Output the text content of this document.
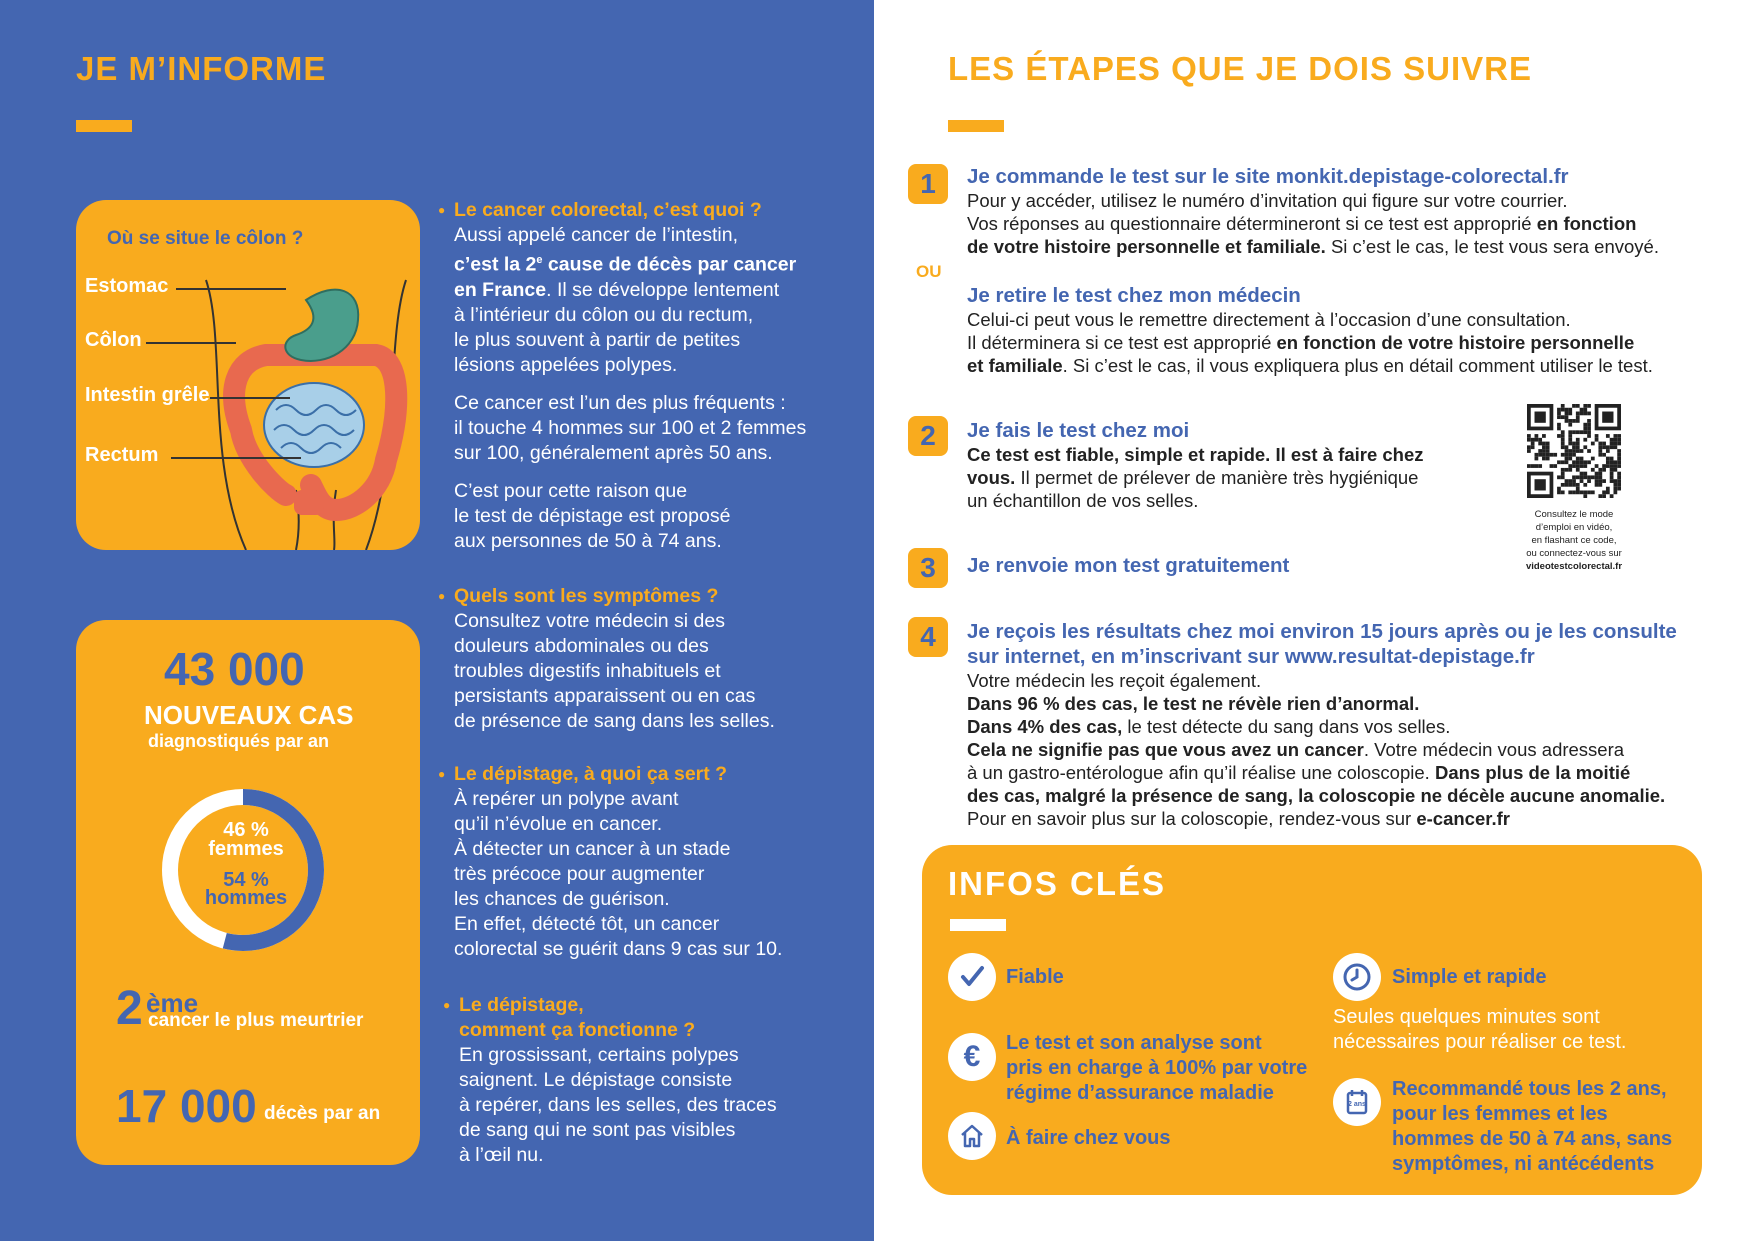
JE M’INFORME
Où se situe le côlon ?
Estomac
Côlon
Intestin grêle
Rectum
43 000
NOUVEAUX CAS
diagnostiqués par an
46 %
femmes
54 %
hommes
2 ème
cancer le plus meurtrier
17 000 décès par an

● Le cancer colorectal, c’est quoi ?

Aussi appelé cancer de l’intestin,

c’est la 2e cause de décès par cancer

en France. Il se développe lentement

à l’intérieur du côlon ou du rectum,

le plus souvent à partir de petites

lésions appelées polypes.

Ce cancer est l’un des plus fréquents :

il touche 4 hommes sur 100 et 2 femmes

sur 100, généralement après 50 ans.

C’est pour cette raison que

le test de dépistage est proposé

aux personnes de 50 à 74 ans.

● Quels sont les symptômes ?

Consultez votre médecin si des

douleurs abdominales ou des

troubles digestifs inhabituels et

persistants apparaissent ou en cas

de présence de sang dans les selles.

● Le dépistage, à quoi ça sert ?

À repérer un polype avant

qu’il n’évolue en cancer.

À détecter un cancer à un stade

très précoce pour augmenter

les chances de guérison.

En effet, détecté tôt, un cancer

colorectal se guérit dans 9 cas sur 10.

● Le dépistage,

comment ça fonctionne ?

En grossissant, certains polypes

saignent. Le dépistage consiste

à repérer, dans les selles, des traces

de sang qui ne sont pas visibles

à l’œil nu.

LES ÉTAPES QUE JE DOIS SUIVRE
1	Je commande le test sur le site monkit.depistage-colorectal.fr
Pour y accéder, utilisez le numéro d’invitation qui figure sur votre courrier.
Vos réponses au questionnaire détermineront si ce test est approprié en fonction
de votre histoire personnelle et familiale. Si c’est le cas, le test vous sera envoyé.
OU
Je retire le test chez mon médecin
Celui-ci peut vous le remettre directement à l’occasion d’une consultation.
Il déterminera si ce test est approprié en fonction de votre histoire personnelle
et familiale. Si c’est le cas, il vous expliquera plus en détail comment utiliser le test.
2	Je fais le test chez moi
Ce test est fiable, simple et rapide. Il est à faire chez
vous. Il permet de prélever de manière très hygiénique
un échantillon de vos selles.
Consultez le mode
d’emploi en vidéo,
en flashant ce code,
ou connectez-vous sur
videotestcolorectal.fr
3	Je renvoie mon test gratuitement
4	Je reçois les résultats chez moi environ 15 jours après ou je les consulte
sur internet, en m’inscrivant sur www.resultat-depistage.fr
Votre médecin les reçoit également.
Dans 96 % des cas, le test ne révèle rien d’anormal.
Dans 4% des cas, le test détecte du sang dans vos selles.
Cela ne signifie pas que vous avez un cancer. Votre médecin vous adressera
à un gastro-entérologue afin qu’il réalise une coloscopie. Dans plus de la moitié
des cas, malgré la présence de sang, la coloscopie ne décèle aucune anomalie.
Pour en savoir plus sur la coloscopie, rendez-vous sur e-cancer.fr
INFOS CLÉS
Fiable
€ Le test et son analyse sont
pris en charge à 100% par votre
régime d’assurance maladie
À faire chez vous
Simple et rapide
Seules quelques minutes sont
nécessaires pour réaliser ce test.
2 ans
Recommandé tous les 2 ans,
pour les femmes et les
hommes de 50 à 74 ans, sans
symptômes, ni antécédents
